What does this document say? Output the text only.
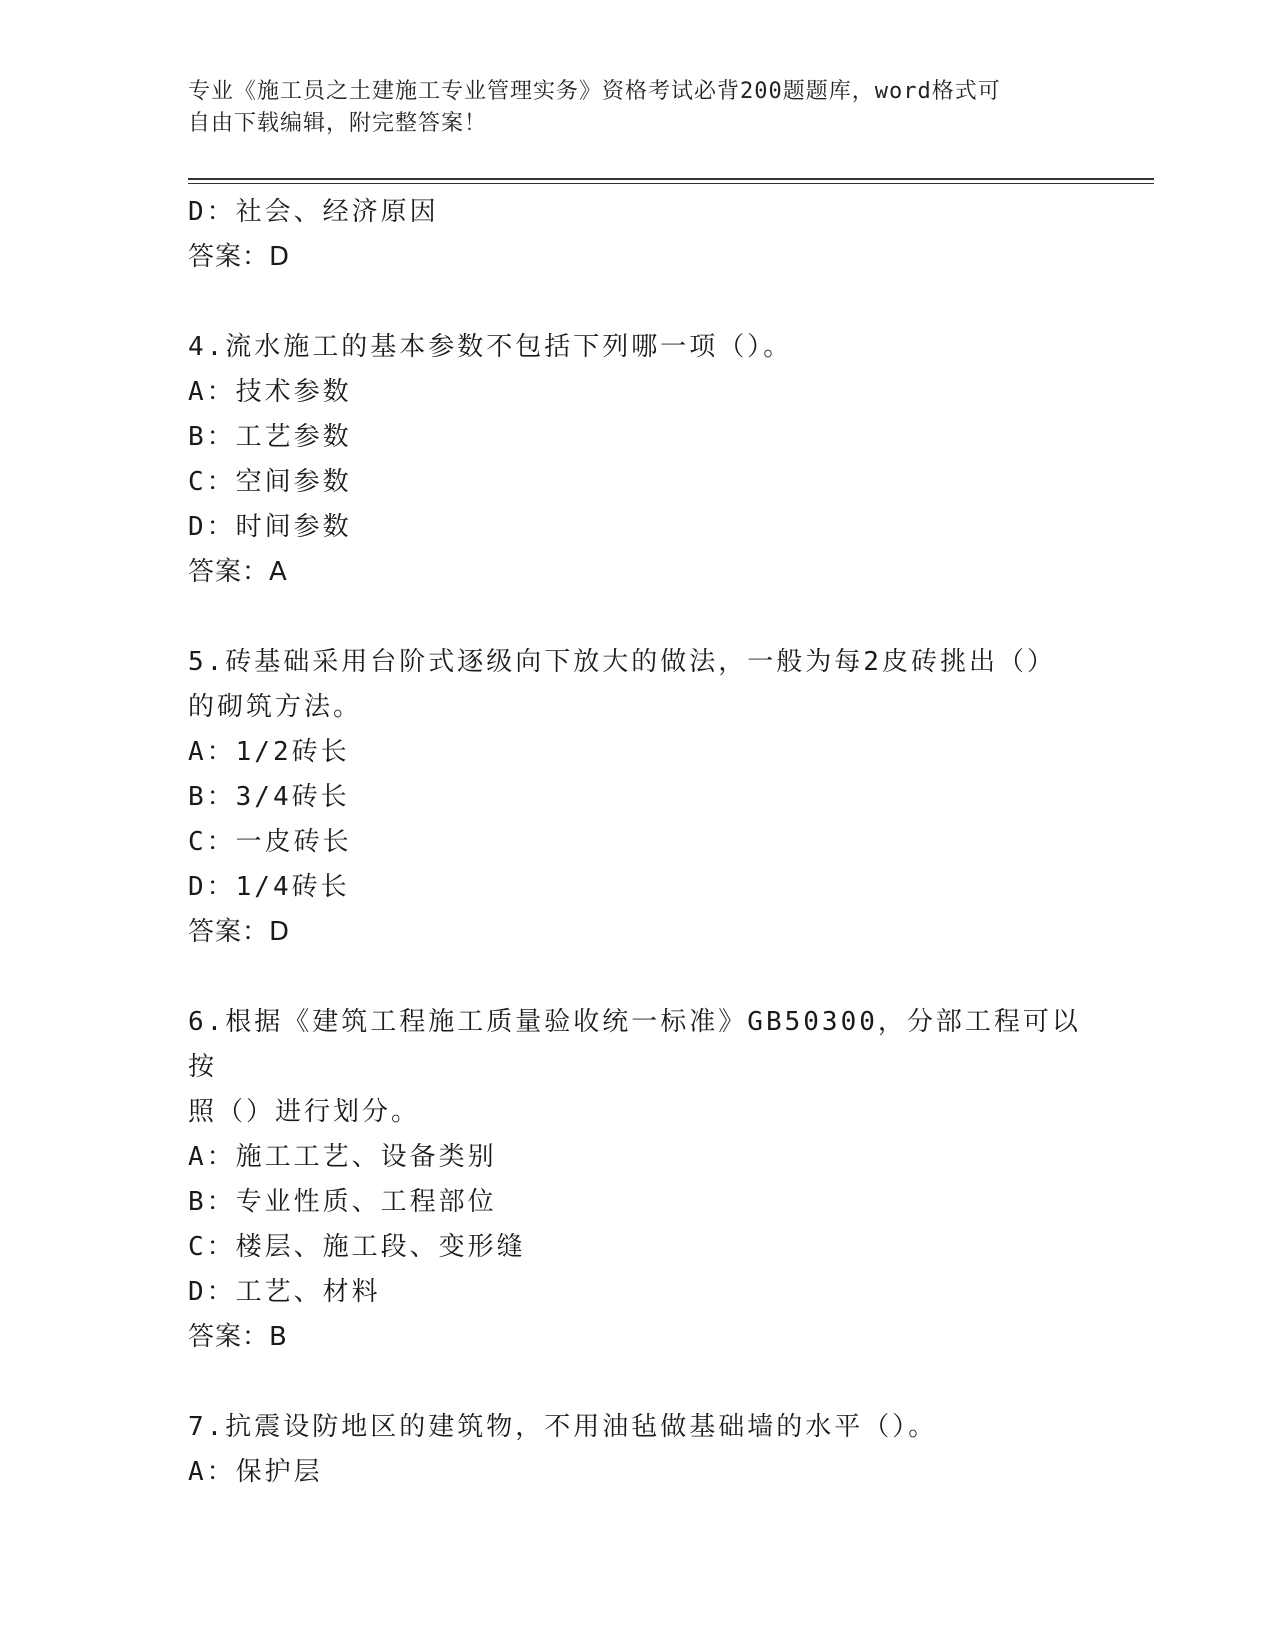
专业《施工员之土建施工专业管理实务》资格考试必背200题题库，word格式可
自由下载编辑，附完整答案！
D：社会、经济原因
答案：D
4.流水施工的基本参数不包括下列哪一项（）。
A：技术参数
B：工艺参数
C：空间参数
D：时间参数
答案：A
5.砖基础采用台阶式逐级向下放大的做法，一般为每2皮砖挑出（）
的砌筑方法。
A：1/2砖长
B：3/4砖长
C：一皮砖长
D：1/4砖长
答案：D
6.根据《建筑工程施工质量验收统一标准》GB50300，分部工程可以按
照（）进行划分。
A：施工工艺、设备类别
B：专业性质、工程部位
C：楼层、施工段、变形缝
D：工艺、材料
答案：B
7.抗震设防地区的建筑物，不用油毡做基础墙的水平（）。
A：保护层
